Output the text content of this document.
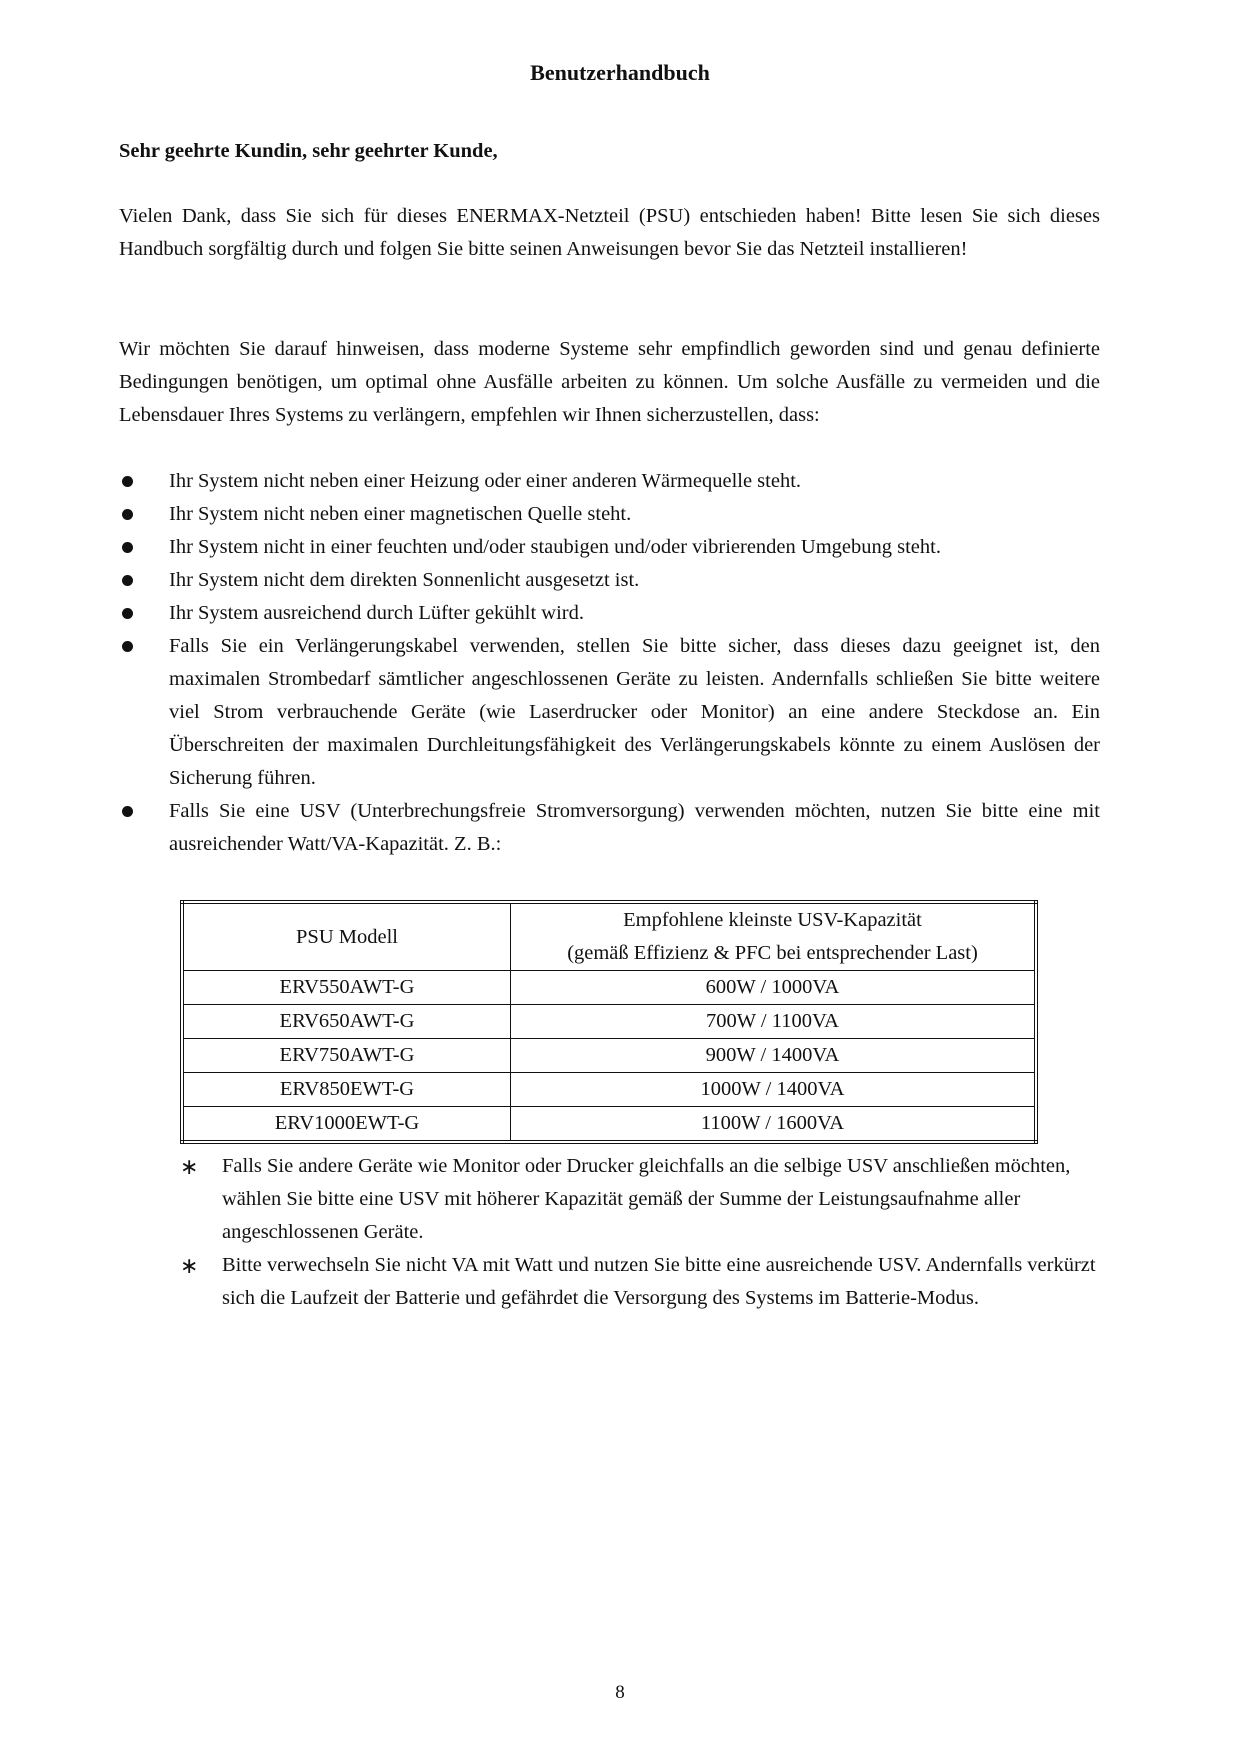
Benutzerhandbuch
Sehr geehrte Kundin, sehr geehrter Kunde,
Vielen Dank, dass Sie sich für dieses ENERMAX-Netzteil (PSU) entschieden haben! Bitte lesen Sie sich dieses Handbuch sorgfältig durch und folgen Sie bitte seinen Anweisungen bevor Sie das Netzteil installieren!
Wir möchten Sie darauf hinweisen, dass moderne Systeme sehr empfindlich geworden sind und genau definierte Bedingungen benötigen, um optimal ohne Ausfälle arbeiten zu können. Um solche Ausfälle zu vermeiden und die Lebensdauer Ihres Systems zu verlängern, empfehlen wir Ihnen sicherzustellen, dass:
Ihr System nicht neben einer Heizung oder einer anderen Wärmequelle steht.
Ihr System nicht neben einer magnetischen Quelle steht.
Ihr System nicht in einer feuchten und/oder staubigen und/oder vibrierenden Umgebung steht.
Ihr System nicht dem direkten Sonnenlicht ausgesetzt ist.
Ihr System ausreichend durch Lüfter gekühlt wird.
Falls Sie ein Verlängerungskabel verwenden, stellen Sie bitte sicher, dass dieses dazu geeignet ist, den maximalen Strombedarf sämtlicher angeschlossenen Geräte zu leisten. Andernfalls schließen Sie bitte weitere viel Strom verbrauchende Geräte (wie Laserdrucker oder Monitor) an eine andere Steckdose an. Ein Überschreiten der maximalen Durchleitungsfähigkeit des Verlängerungskabels könnte zu einem Auslösen der Sicherung führen.
Falls Sie eine USV (Unterbrechungsfreie Stromversorgung) verwenden möchten, nutzen Sie bitte eine mit ausreichender Watt/VA-Kapazität. Z. B.:
PSU Modell	Empfohlene kleinste USV-Kapazität
(gemäß Effizienz & PFC bei entsprechender Last)

ERV550AWT-G	600W / 1000VA
ERV650AWT-G	700W / 1100VA
ERV750AWT-G	900W / 1400VA
ERV850EWT-G	1000W / 1400VA
ERV1000EWT-G	1100W / 1600VA
∗ Falls Sie andere Geräte wie Monitor oder Drucker gleichfalls an die selbige USV anschließen möchten, wählen Sie bitte eine USV mit höherer Kapazität gemäß der Summe der Leistungsaufnahme aller angeschlossenen Geräte.
∗ Bitte verwechseln Sie nicht VA mit Watt und nutzen Sie bitte eine ausreichende USV. Andernfalls verkürzt sich die Laufzeit der Batterie und gefährdet die Versorgung des Systems im Batterie-Modus.
8
